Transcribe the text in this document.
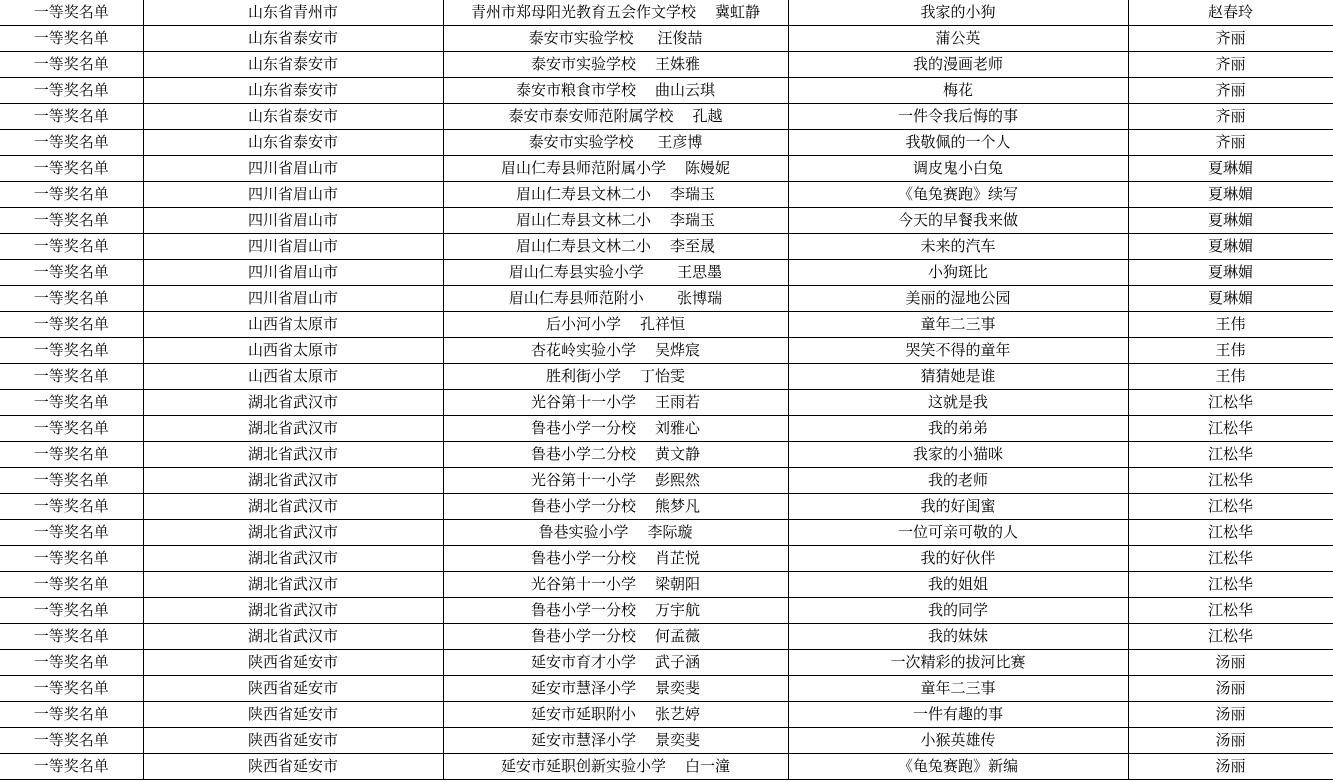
一等奖名单	山东省青州市	青州市郑母阳光教育五会作文学校    冀虹静	我家的小狗	赵春玲
一等奖名单	山东省泰安市	泰安市实验学校     汪俊喆	蒲公英	齐丽
一等奖名单	山东省泰安市	泰安市实验学校    王姝雅	我的漫画老师	齐丽
一等奖名单	山东省泰安市	泰安市粮食市学校    曲山云琪	梅花	齐丽
一等奖名单	山东省泰安市	泰安市泰安师范附属学校    孔越	一件令我后悔的事	齐丽
一等奖名单	山东省泰安市	泰安市实验学校     王彦博	我敬佩的一个人	齐丽
一等奖名单	四川省眉山市	眉山仁寿县师范附属小学    陈嫚妮	调皮鬼小白兔	夏琳媚
一等奖名单	四川省眉山市	眉山仁寿县文林二小    李瑞玉	《龟兔赛跑》续写	夏琳媚
一等奖名单	四川省眉山市	眉山仁寿县文林二小    李瑞玉	今天的早餐我来做	夏琳媚
一等奖名单	四川省眉山市	眉山仁寿县文林二小    李至晟	未来的汽车	夏琳媚
一等奖名单	四川省眉山市	眉山仁寿县实验小学       王思墨	小狗斑比	夏琳媚
一等奖名单	四川省眉山市	眉山仁寿县师范附小       张博瑞	美丽的湿地公园	夏琳媚
一等奖名单	山西省太原市	后小河小学    孔祥恒	童年二三事	王伟
一等奖名单	山西省太原市	杏花岭实验小学    吴烨宸	哭笑不得的童年	王伟
一等奖名单	山西省太原市	胜利街小学    丁怡雯	猜猜她是谁	王伟
一等奖名单	湖北省武汉市	光谷第十一小学    王雨若	这就是我	江松华
一等奖名单	湖北省武汉市	鲁巷小学一分校    刘雅心	我的弟弟	江松华
一等奖名单	湖北省武汉市	鲁巷小学二分校    黄文静	我家的小猫咪	江松华
一等奖名单	湖北省武汉市	光谷第十一小学    彭熙然	我的老师	江松华
一等奖名单	湖北省武汉市	鲁巷小学一分校    熊梦凡	我的好闺蜜	江松华
一等奖名单	湖北省武汉市	鲁巷实验小学    李际璇	一位可亲可敬的人	江松华
一等奖名单	湖北省武汉市	鲁巷小学一分校    肖芷悦	我的好伙伴	江松华
一等奖名单	湖北省武汉市	光谷第十一小学    梁朝阳	我的姐姐	江松华
一等奖名单	湖北省武汉市	鲁巷小学一分校    万宇航	我的同学	江松华
一等奖名单	湖北省武汉市	鲁巷小学一分校    何孟薇	我的妹妹	江松华
一等奖名单	陕西省延安市	延安市育才小学    武子涵	一次精彩的拔河比赛	汤丽
一等奖名单	陕西省延安市	延安市慧泽小学    景奕斐	童年二三事	汤丽
一等奖名单	陕西省延安市	延安市延职附小    张艺婷	一件有趣的事	汤丽
一等奖名单	陕西省延安市	延安市慧泽小学    景奕斐	小猴英雄传	汤丽
一等奖名单	陕西省延安市	延安市延职创新实验小学    白一潼	《龟兔赛跑》新编	汤丽
